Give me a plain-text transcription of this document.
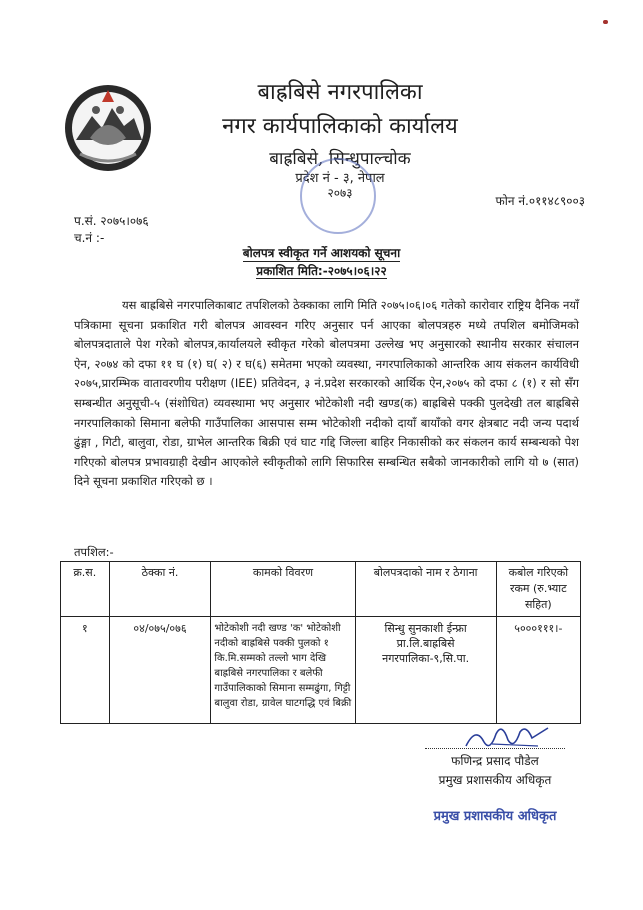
बाह्रबिसे नगरपालिका
नगर कार्यपालिकाको कार्यालय
बाह्रबिसे, सिन्धुपाल्चोक
प्रदेश नं - ३, नेपाल
२०७३
फोन नं.०११४८९००३
प.सं. २०७५।०७६
च.नं :-
बोलपत्र स्वीकृत गर्ने आशयको सूचना
प्रकाशित मिति:-२०७५।०६।२२
यस बाह्रबिसे नगरपालिकाबाट तपशिलको ठेक्काका लागि मिति २०७५।०६।०६ गतेको कारोवार राष्ट्रिय दैनिक नयाँ पत्रिकामा सूचना प्रकाशित गरी बोलपत्र आवस्वन गरिए अनुसार पर्न आएका बोलपत्रहरु मध्ये तपशिल बमोजिमको बोलपत्रदाताले पेश गरेको बोलपत्र,कार्यालयले स्वीकृत गरेको बोलपत्रमा उल्लेख भए अनुसारको स्थानीय सरकार संचालन ऐन, २०७४ को दफा ११ घ (१) घ( २) र घ(६) समेतमा भएको व्यवस्था, नगरपालिकाको आन्तरिक आय संकलन कार्यविधी २०७५,प्रारम्भिक वातावरणीय परीक्षण (IEE) प्रतिवेदन, ३ नं.प्रदेश सरकारको आर्थिक ऐन,२०७५ को दफा ८ (१) र सो सँग सम्बन्धीत अनुसूची-५ (संशोधित) व्यवस्थामा भए अनुसार भोटेकोशी नदी खण्ड(क) बाह्रबिसे पक्की पुलदेखी तल बाह्रबिसे नगरपालिकाको सिमाना बलेफी गाउँपालिका आसपास सम्म भोटेकोशी नदीको दायाँ बायाँको वगर क्षेत्रबाट नदी जन्य पदार्थ ढुंङ्गा , गिटी, बालुवा, रोडा, ग्राभेल आन्तरिक बिक्री एवं घाट गद्दि जिल्ला बाहिर निकासीको कर संकलन कार्य सम्बन्धको पेश गरिएको बोलपत्र प्रभावग्राही देखीन आएकोले स्वीकृतीको लागि सिफारिस सम्बन्धित सबैको जानकारीको लागि यो ७ (सात) दिने सूचना प्रकाशित गरिएको छ ।
तपशिल:-
क्र.स.	ठेक्का नं.	कामको विवरण	बोलपत्रदाको नाम र ठेगाना	कबोल गरिएको रकम (रु.भ्याट सहित)
१	०४/०७५/०७६	भोटेकोशी नदी खण्ड 'क' भोटेकोशी नदीको बाह्रबिसे पक्की पुलको १ कि.मि.सम्मको तल्लो भाग देखि बाह्रबिसे नगरपालिका र बलेफी गाउँपालिकाको सिमाना सम्मढुंगा, गिट्टी बालुवा रोडा, ग्रावेल घाटगद्धि एवं बिक्री	सिन्धु सुनकाशी ईन्फ्रा प्रा.लि.बाह्रबिसे नगरपालिका-९,सि.पा.	५०००१११।-
फणिन्द्र प्रसाद पौडेल
प्रमुख प्रशासकीय अधिकृत
प्रमुख प्रशासकीय अधिकृत
